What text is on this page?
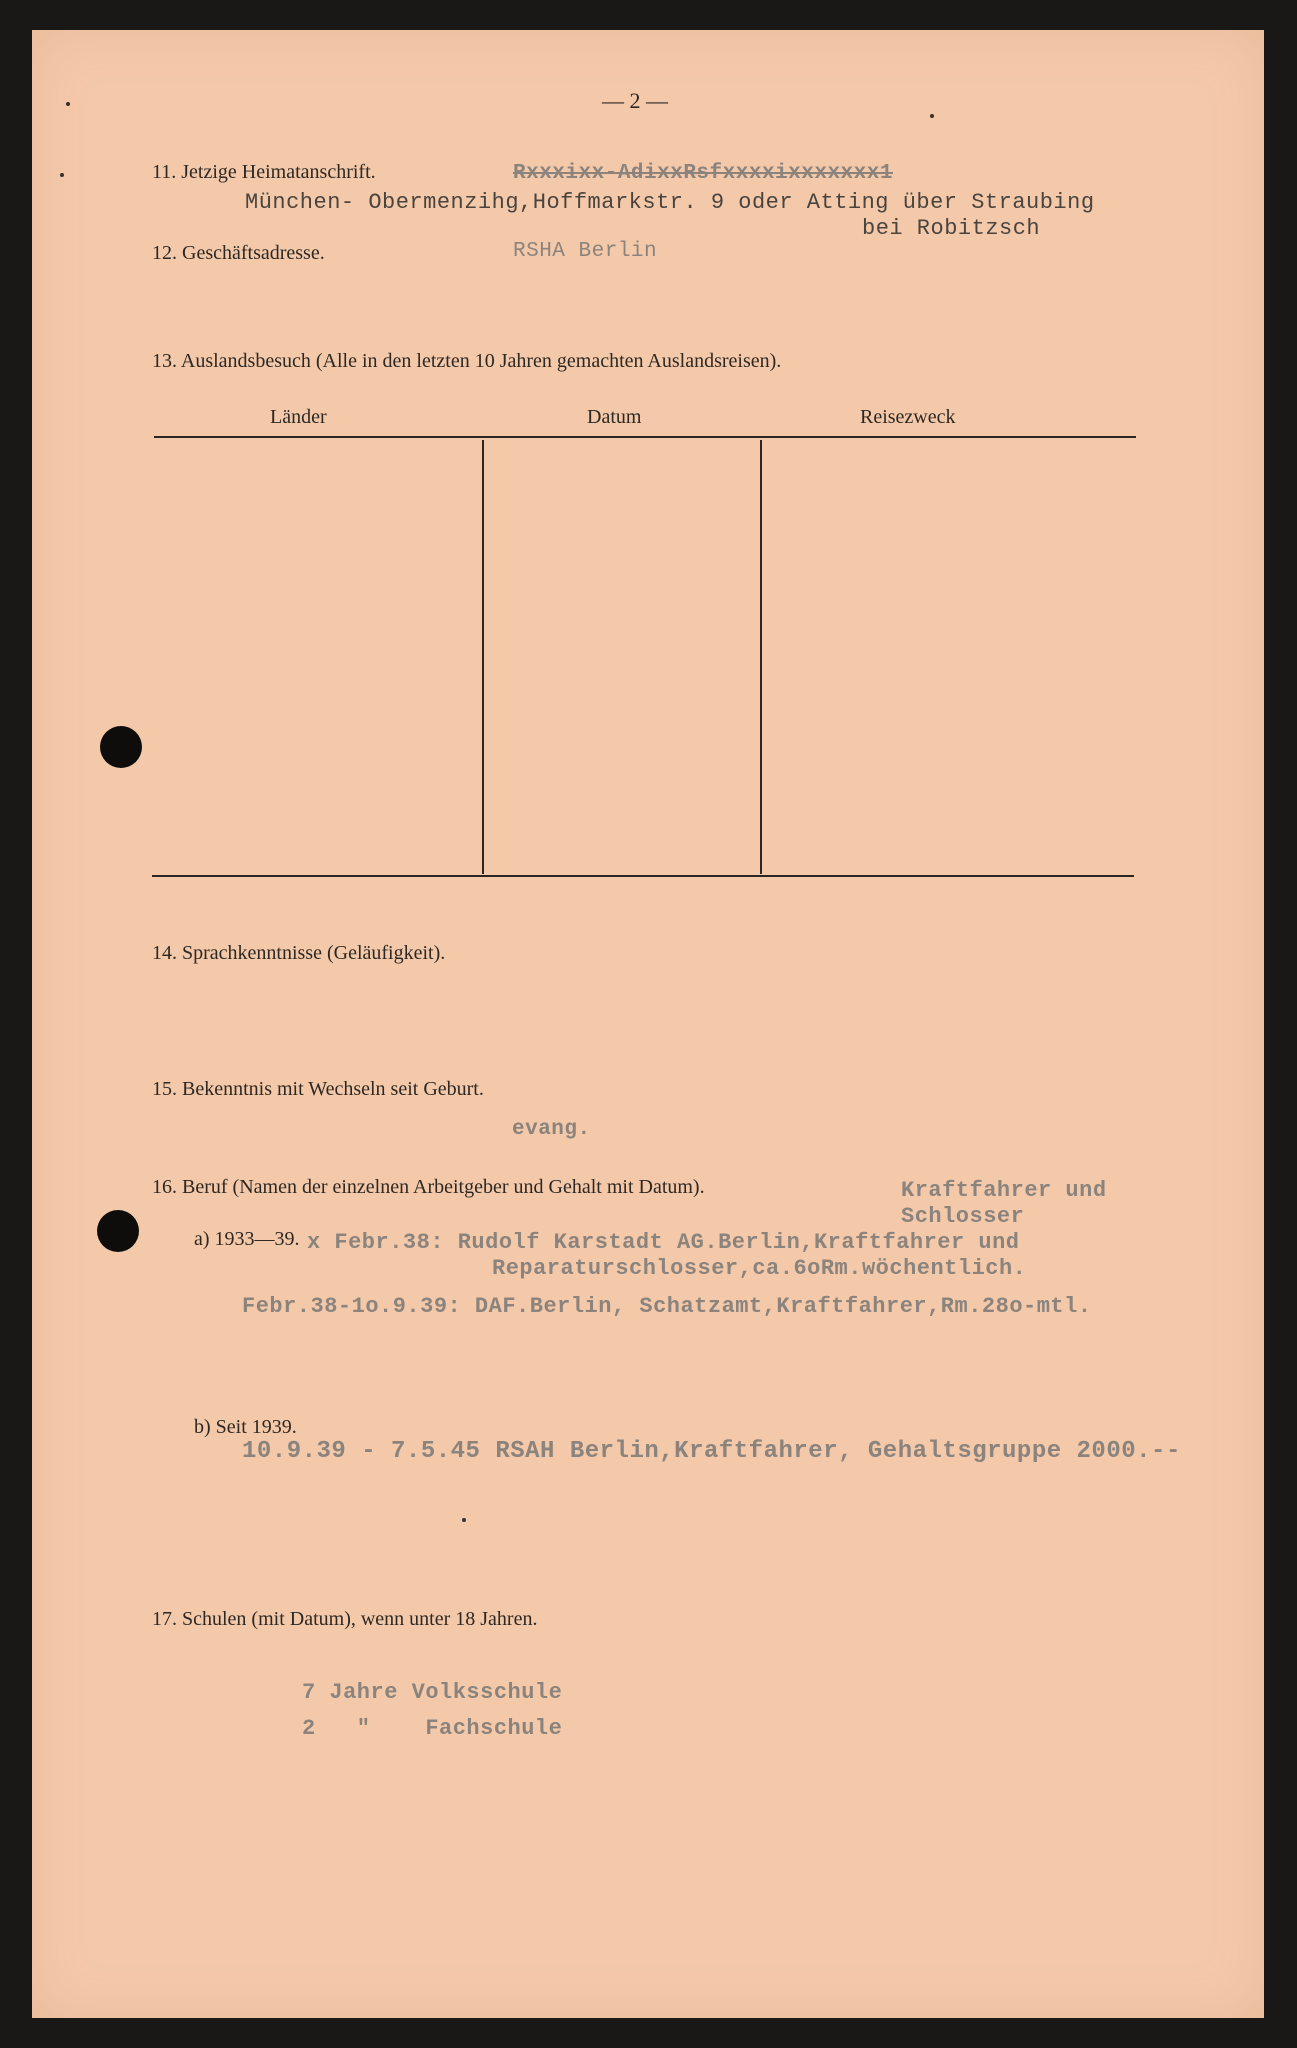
— 2 —
11. Jetzige Heimatanschrift.	Rxxxixx-AdixxRsfxxxxixxxxxxx1
München- Obermenzihg,Hoffmarkstr. 9 oder Atting über Straubing
bei Robitzsch
12. Geschäftsadresse.	RSHA Berlin
13. Auslandsbesuch (Alle in den letzten 10 Jahren gemachten Auslandsreisen).
Länder	Datum	Reisezweck
14. Sprachkenntnisse (Geläufigkeit).
15. Bekenntnis mit Wechseln seit Geburt.
evang.
16. Beruf (Namen der einzelnen Arbeitgeber und Gehalt mit Datum).	Kraftfahrer und
Schlosser
a) 1933—39. x Febr.38: Rudolf Karstadt AG.Berlin,Kraftfahrer und
Reparaturschlosser,ca.6oRm.wöchentlich.
Febr.38-1o.9.39: DAF.Berlin, Schatzamt,Kraftfahrer,Rm.28o-mtl.
b) Seit 1939.
10.9.39 - 7.5.45 RSAH Berlin,Kraftfahrer, Gehaltsgruppe 2000.--
17. Schulen (mit Datum), wenn unter 18 Jahren.
7 Jahre Volksschule
2   "    Fachschule
